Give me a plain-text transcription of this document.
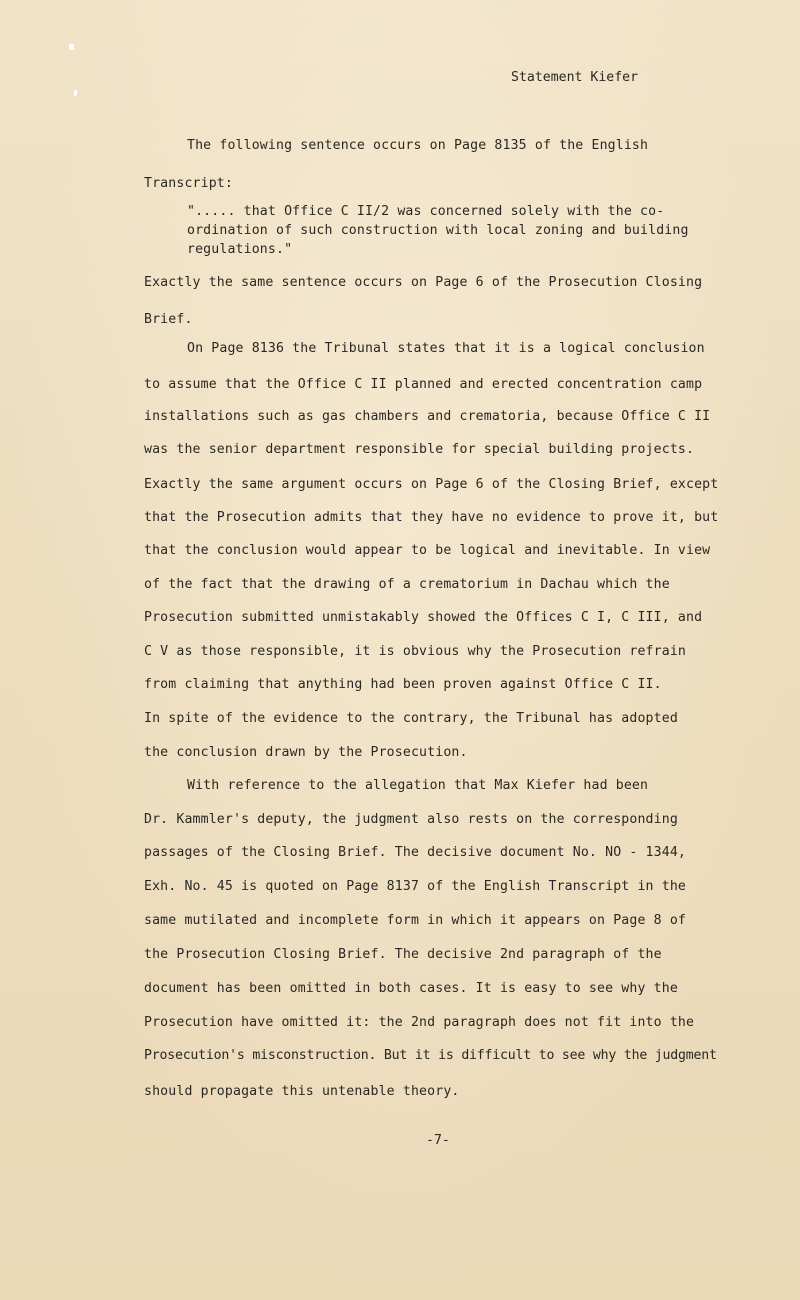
Statement Kiefer
The following sentence occurs on Page 8135 of the English
Transcript:
"..... that Office C II/2 was concerned solely with the co-
ordination of such construction with local zoning and building
regulations."
Exactly the same sentence occurs on Page 6 of the Prosecution Closing
Brief.
On Page 8136 the Tribunal states that it is a logical conclusion
to assume that the Office C II planned and erected concentration camp
installations such as gas chambers and crematoria, because Office C II
was the senior department responsible for special building projects.
Exactly the same argument occurs on Page 6 of the Closing Brief, except
that the Prosecution admits that they have no evidence to prove it, but
that the conclusion would appear to be logical and inevitable. In view
of the fact that the drawing of a crematorium in Dachau which the
Prosecution submitted unmistakably showed the Offices C I, C III, and
C V as those responsible, it is obvious why the Prosecution refrain
from claiming that anything had been proven against Office C II.
In spite of the evidence to the contrary, the Tribunal has adopted
the conclusion drawn by the Prosecution.
With reference to the allegation that Max Kiefer had been
Dr. Kammler's deputy, the judgment also rests on the corresponding
passages of the Closing Brief. The decisive document No. NO - 1344,
Exh. No. 45 is quoted on Page 8137 of the English Transcript in the
same mutilated and incomplete form in which it appears on Page 8 of
the Prosecution Closing Brief. The decisive 2nd paragraph of the
document has been omitted in both cases. It is easy to see why the
Prosecution have omitted it: the 2nd paragraph does not fit into the
Prosecution's misconstruction. But it is difficult to see why the judgment
should propagate this untenable theory.
-7-
